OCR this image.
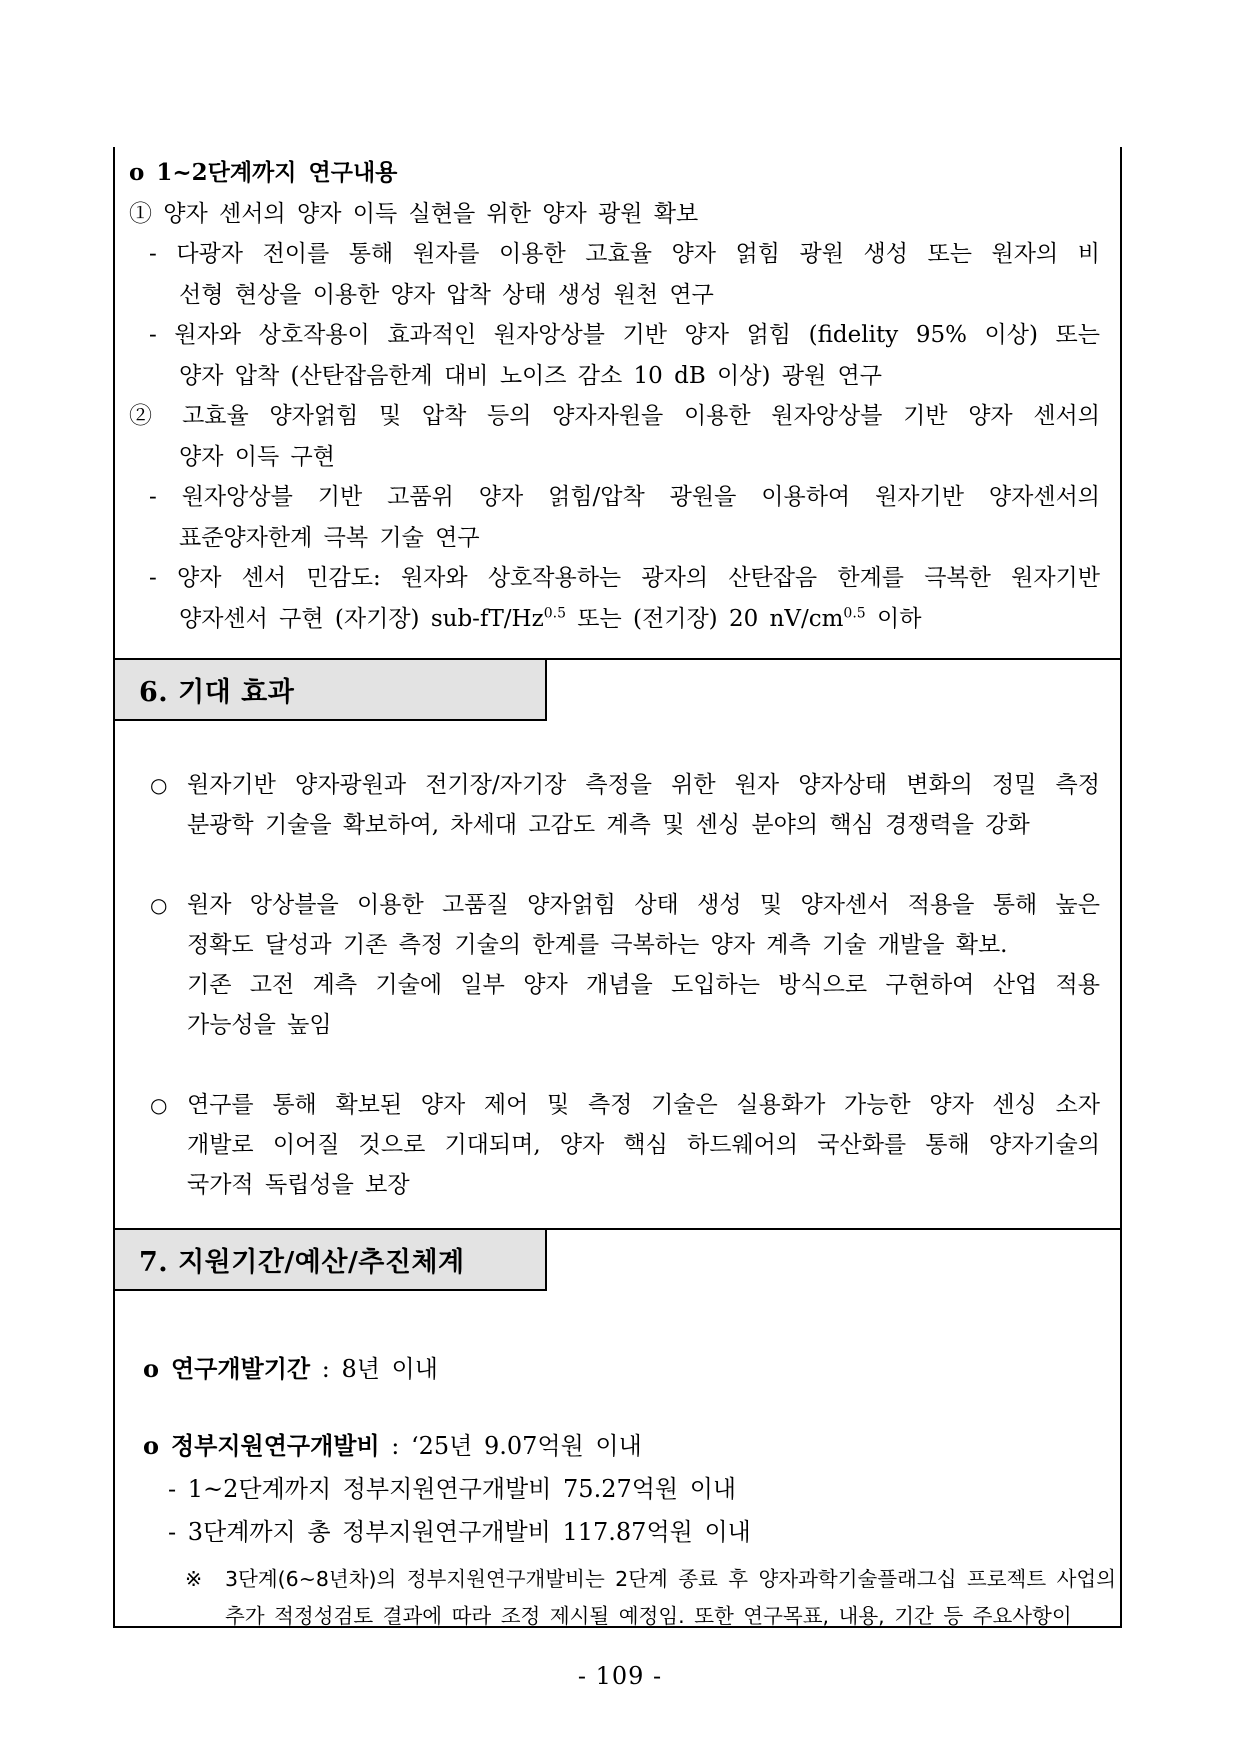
o 1~2단계까지 연구내용
① 양자 센서의 양자 이득 실현을 위한 양자 광원 확보
- 다광자 전이를 통해 원자를 이용한 고효율 양자 얽힘 광원 생성 또는 원자의 비
선형 현상을 이용한 양자 압착 상태 생성 원천 연구
- 원자와 상호작용이 효과적인 원자앙상블 기반 양자 얽힘 (fidelity 95% 이상) 또는
양자 압착 (산탄잡음한계 대비 노이즈 감소 10 dB 이상) 광원 연구
② 고효율 양자얽힘 및 압착 등의 양자자원을 이용한 원자앙상블 기반 양자 센서의
양자 이득 구현
- 원자앙상블 기반 고품위 양자 얽힘/압착 광원을 이용하여 원자기반 양자센서의
표준양자한계 극복 기술 연구
- 양자 센서 민감도: 원자와 상호작용하는 광자의 산탄잡음 한계를 극복한 원자기반
양자센서 구현 (자기장) sub-$fT/Hz^{0.5}$ 또는 (전기장) 20 $nV/cm^{0.5}$ 이하
6. 기대 효과
○ 원자기반 양자광원과 전기장/자기장 측정을 위한 원자 양자상태 변화의 정밀 측정
분광학 기술을 확보하여, 차세대 고감도 계측 및 센싱 분야의 핵심 경쟁력을 강화
○ 원자 앙상블을 이용한 고품질 양자얽힘 상태 생성 및 양자센서 적용을 통해 높은
정확도 달성과 기존 측정 기술의 한계를 극복하는 양자 계측 기술 개발을 확보.
기존 고전 계측 기술에 일부 양자 개념을 도입하는 방식으로 구현하여 산업 적용
가능성을 높임
○ 연구를 통해 확보된 양자 제어 및 측정 기술은 실용화가 가능한 양자 센싱 소자
개발로 이어질 것으로 기대되며, 양자 핵심 하드웨어의 국산화를 통해 양자기술의
국가적 독립성을 보장
7. 지원기간/예산/추진체계
o 연구개발기간 : 8년 이내
o 정부지원연구개발비 : ‘25년 9.07억원 이내
- 1~2단계까지 정부지원연구개발비 75.27억원 이내
- 3단계까지 총 정부지원연구개발비 117.87억원 이내
※ 3단계(6~8년차)의 정부지원연구개발비는 2단계 종료 후 양자과학기술플래그십 프로젝트 사업의
추가 적정성검토 결과에 따라 조정 제시될 예정임. 또한 연구목표, 내용, 기간 등 주요사항이
- 109 -
